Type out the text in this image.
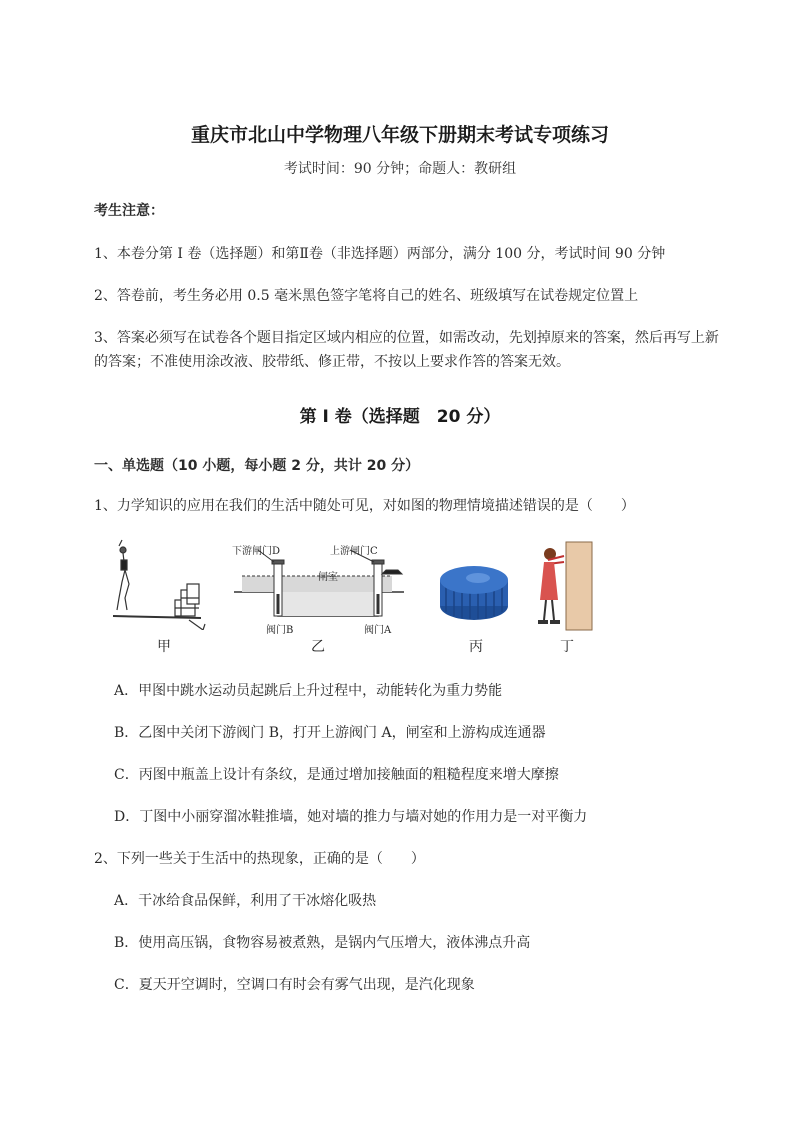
重庆市北山中学物理八年级下册期末考试专项练习
考试时间：90 分钟；命题人：教研组
考生注意：
1、本卷分第 I 卷（选择题）和第Ⅱ卷（非选择题）两部分，满分 100 分，考试时间 90 分钟
2、答卷前，考生务必用 0.5 毫米黑色签字笔将自己的姓名、班级填写在试卷规定位置上
3、答案必须写在试卷各个题目指定区域内相应的位置，如需改动，先划掉原来的答案，然后再写上新
的答案；不准使用涂改液、胶带纸、修正带，不按以上要求作答的答案无效。
第 I 卷（选择题　20 分）
一、单选题（10 小题，每小题 2 分，共计 20 分）
1、力学知识的应用在我们的生活中随处可见，对如图的物理情境描述错误的是（　　）
甲
下游闸门D	上游闸门C
闸室
阀门B	阀门A
乙	丙	丁
A．甲图中跳水运动员起跳后上升过程中，动能转化为重力势能
B．乙图中关闭下游阀门 B，打开上游阀门 A，闸室和上游构成连通器
C．丙图中瓶盖上设计有条纹，是通过增加接触面的粗糙程度来增大摩擦
D．丁图中小丽穿溜冰鞋推墙，她对墙的推力与墙对她的作用力是一对平衡力
2、下列一些关于生活中的热现象，正确的是（　　）
A．干冰给食品保鲜，利用了干冰熔化吸热
B．使用高压锅，食物容易被煮熟，是锅内气压增大，液体沸点升高
C．夏天开空调时，空调口有时会有雾气出现，是汽化现象
